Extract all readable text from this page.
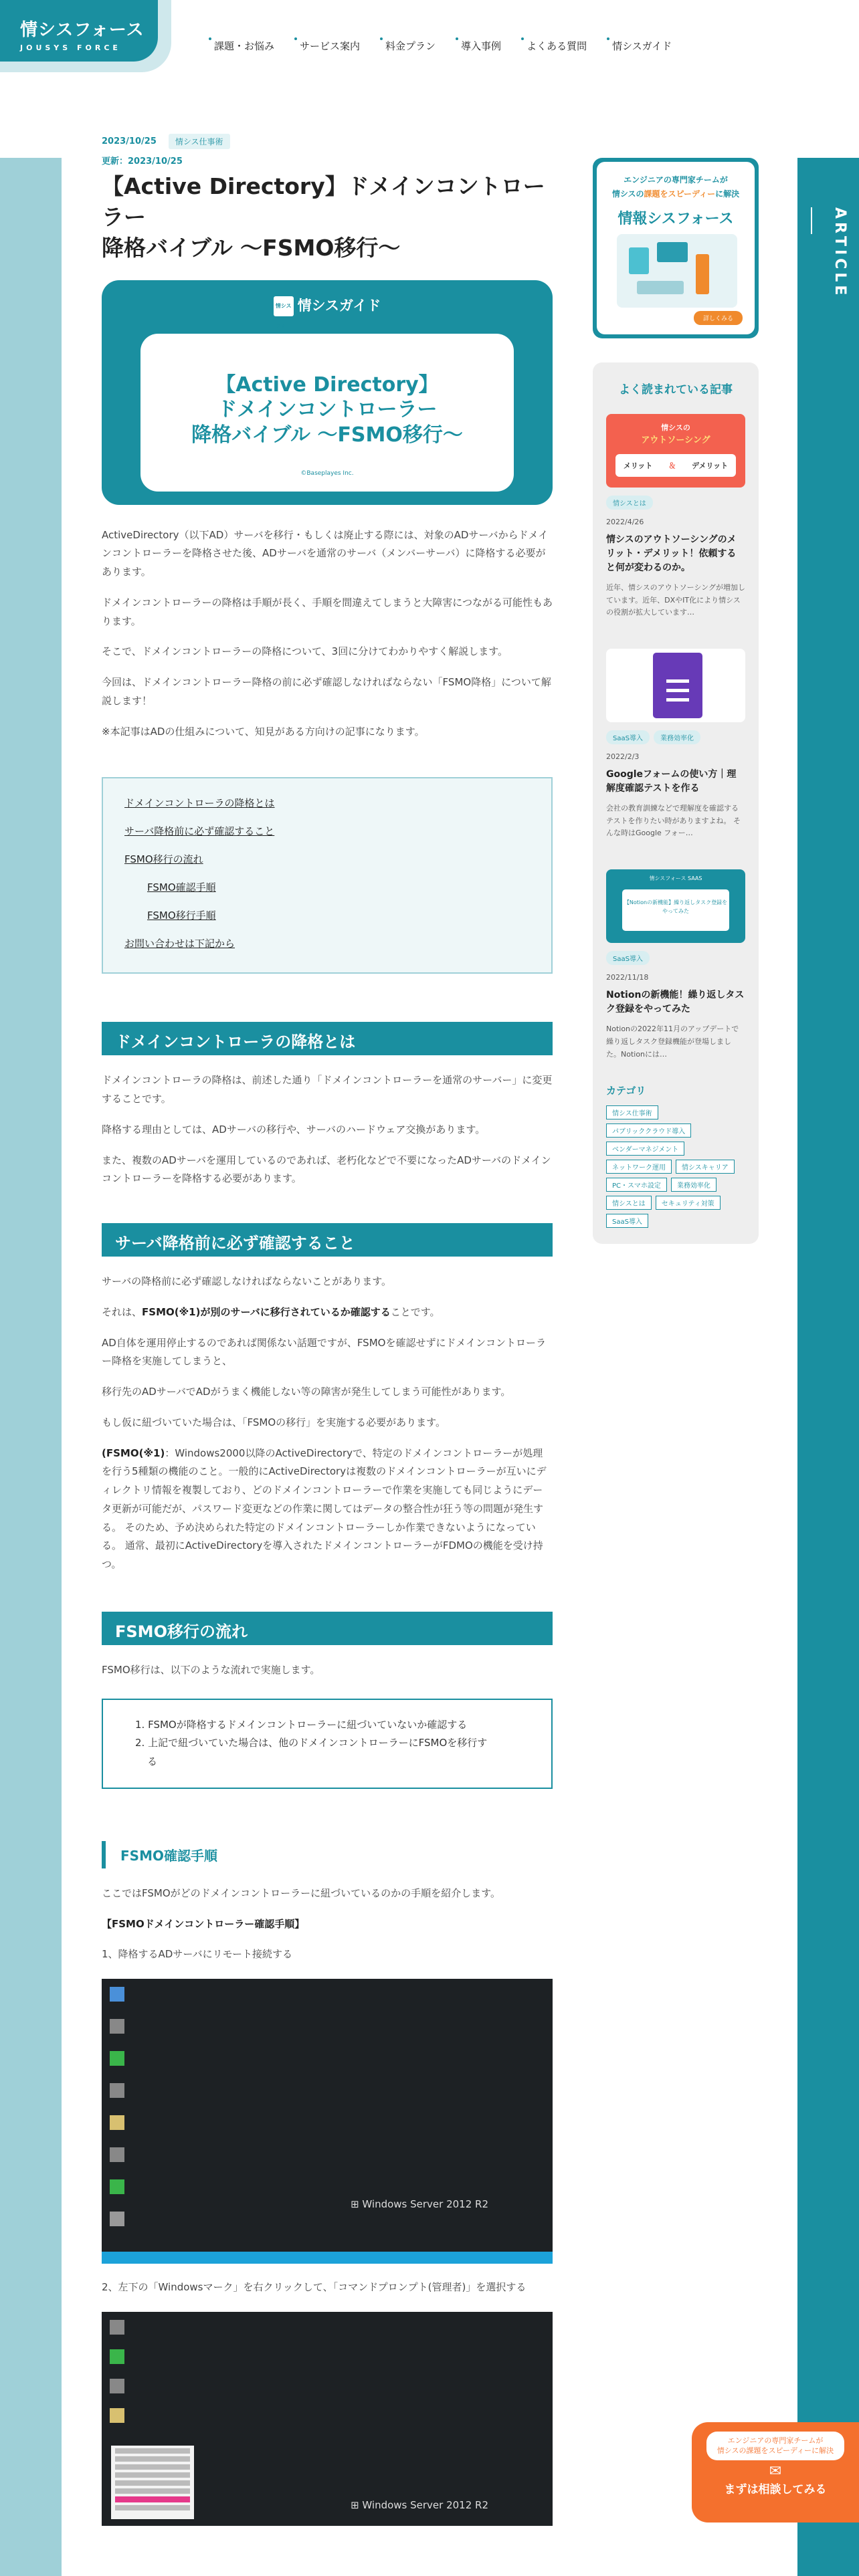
情シスフォース
JOUSYS FORCE	課題・お悩み	サービス案内	料金プラン	導入事例	よくある質問	情シスガイド
ARTICLE
2023/10/25	情シス仕事術
更新：2023/10/25
【Active Directory】ドメインコントローラー
降格バイブル ～FSMO移行～
情シス フォー情シスガイド
【Active Directory】
ドメインコントローラー
降格バイブル ～FSMO移行～
©Baseplayes Inc.

ActiveDirectory（以下AD）サーバを移行・もしくは廃止する際には、対象のADサーバからドメインコントローラーを降格させた後、ADサーバを通常のサーバ（メンバーサーバ）に降格する必要があります。

ドメインコントローラーの降格は手順が長く、手順を間違えてしまうと大障害につながる可能性もあります。

そこで、ドメインコントローラーの降格について、3回に分けてわかりやすく解説します。

今回は、ドメインコントローラー降格の前に必ず確認しなければならない「FSMO降格」について解説します！

※本記事はADの仕組みについて、知見がある方向けの記事になります。

ドメインコントローラの降格とは
サーバ降格前に必ず確認すること
FSMO移行の流れ
FSMO確認手順
FSMO移行手順
お問い合わせは下記から
ドメインコントローラの降格とは

ドメインコントローラの降格は、前述した通り「ドメインコントローラーを通常のサーバー」に変更することです。

降格する理由としては、ADサーバの移行や、サーバのハードウェア交換があります。

また、複数のADサーバを運用しているのであれば、老朽化などで不要になったADサーバのドメインコントローラーを降格する必要があります。

サーバ降格前に必ず確認すること

サーバの降格前に必ず確認しなければならないことがあります。

それは、FSMO(※1)が別のサーバに移行されているか確認することです。

AD自体を運用停止するのであれば関係ない話題ですが、FSMOを確認せずにドメインコントローラー降格を実施してしまうと、

移行先のADサーバでADがうまく機能しない等の障害が発生してしまう可能性があります。

もし仮に紐づいていた場合は、「FSMOの移行」を実施する必要があります。

(FSMO(※1)：Windows2000以降のActiveDirectoryで、特定のドメインコントローラーが処理を行う5種類の機能のこと。一般的にActiveDirectoryは複数のドメインコントローラーが互いにディレクトリ情報を複製しており、どのドメインコントローラーで作業を実施しても同じようにデータ更新が可能だが、パスワード変更などの作業に関してはデータの整合性が狂う等の問題が発生する。 そのため、予め決められた特定のドメインコントローラーしか作業できないようになっている。 通常、最初にActiveDirectoryを導入されたドメインコントローラーがFDMOの機能を受け持つ。

FSMO移行の流れ

FSMO移行は、以下のような流れで実施します。

1. FSMOが降格するドメインコントローラーに紐づいていないか確認する
2. 上記で紐づいていた場合は、他のドメインコントローラーにFSMOを移行す
る
FSMO確認手順

ここではFSMOがどのドメインコントローラーに紐づいているのかの手順を紹介します。

【FSMOドメインコントローラー確認手順】

1、降格するADサーバにリモート接続する

⊞ Windows Server 2012 R2

2、左下の「Windowsマーク」を右クリックして、「コマンドプロンプト(管理者)」を選択する

⊞ Windows Server 2012 R2
エンジニアの専門家チームが
情シスの課題をスピーディーに解決
情報シスフォース
詳しくみる
よく読まれている記事
情シスの
アウトソーシング
メリット ＆ デメリット
情シスとは
2022/4/26
情シスのアウトソーシングのメリット・デメリット！依頼すると何が変わるのか。
近年、情シスのアウトソーシングが増加しています。近年、DXやIT化により情シスの役割が拡大しています…
SaaS導入	業務効率化
2022/2/3
Googleフォームの使い方｜理解度確認テストを作る
会社の教育訓練などで理解度を確認するテストを作りたい時がありますよね。 そんな時はGoogle フォー…
情シスフォース SAAS
【Notionの新機能】繰り返しタスク登録をやってみた
SaaS導入
2022/11/18
Notionの新機能！繰り返しタスク登録をやってみた
Notionの2022年11月のアップデートで繰り返しタスク登録機能が登場しました。Notionには…
カテゴリ
情シス仕事術
パブリッククラウド導入
ベンダーマネジメント
ネットワーク運用	情シスキャリア
PC・スマホ設定	業務効率化
情シスとは	セキュリティ対策
SaaS導入
エンジニアの専門家チームが
情シスの課題をスピーディーに解決
✉
まずは相談してみる
